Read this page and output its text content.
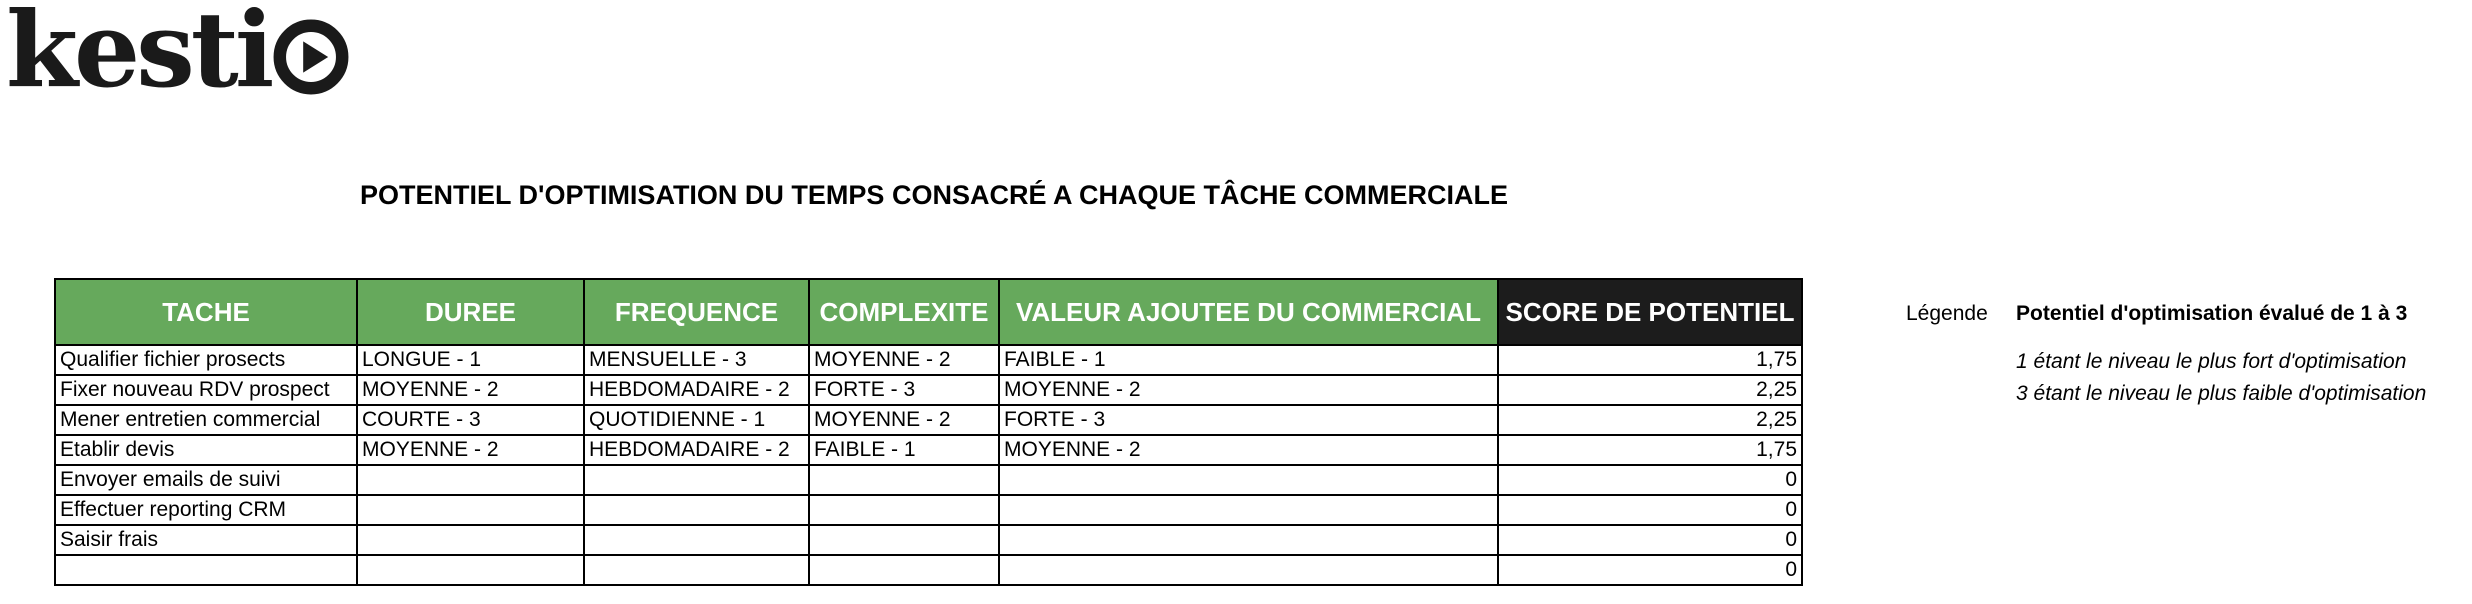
kesti
POTENTIEL D'OPTIMISATION DU TEMPS CONSACRÉ A CHAQUE TÂCHE COMMERCIALE
TACHE	DUREE	FREQUENCE	COMPLEXITE	VALEUR AJOUTEE DU COMMERCIAL	SCORE DE POTENTIEL
Qualifier fichier prosects	LONGUE - 1	MENSUELLE - 3	MOYENNE - 2	FAIBLE - 1	1,75
Fixer nouveau RDV prospect	MOYENNE - 2	HEBDOMADAIRE - 2	FORTE - 3	MOYENNE - 2	2,25
Mener entretien commercial	COURTE - 3	QUOTIDIENNE - 1	MOYENNE - 2	FORTE - 3	2,25
Etablir devis	MOYENNE - 2	HEBDOMADAIRE - 2	FAIBLE - 1	MOYENNE - 2	1,75
Envoyer emails de suivi					0
Effectuer reporting CRM					0
Saisir frais					0
					0
Légende Potentiel d'optimisation évalué de 1 à 3
1 étant le niveau le plus fort d'optimisation
3 étant le niveau le plus faible d'optimisation
